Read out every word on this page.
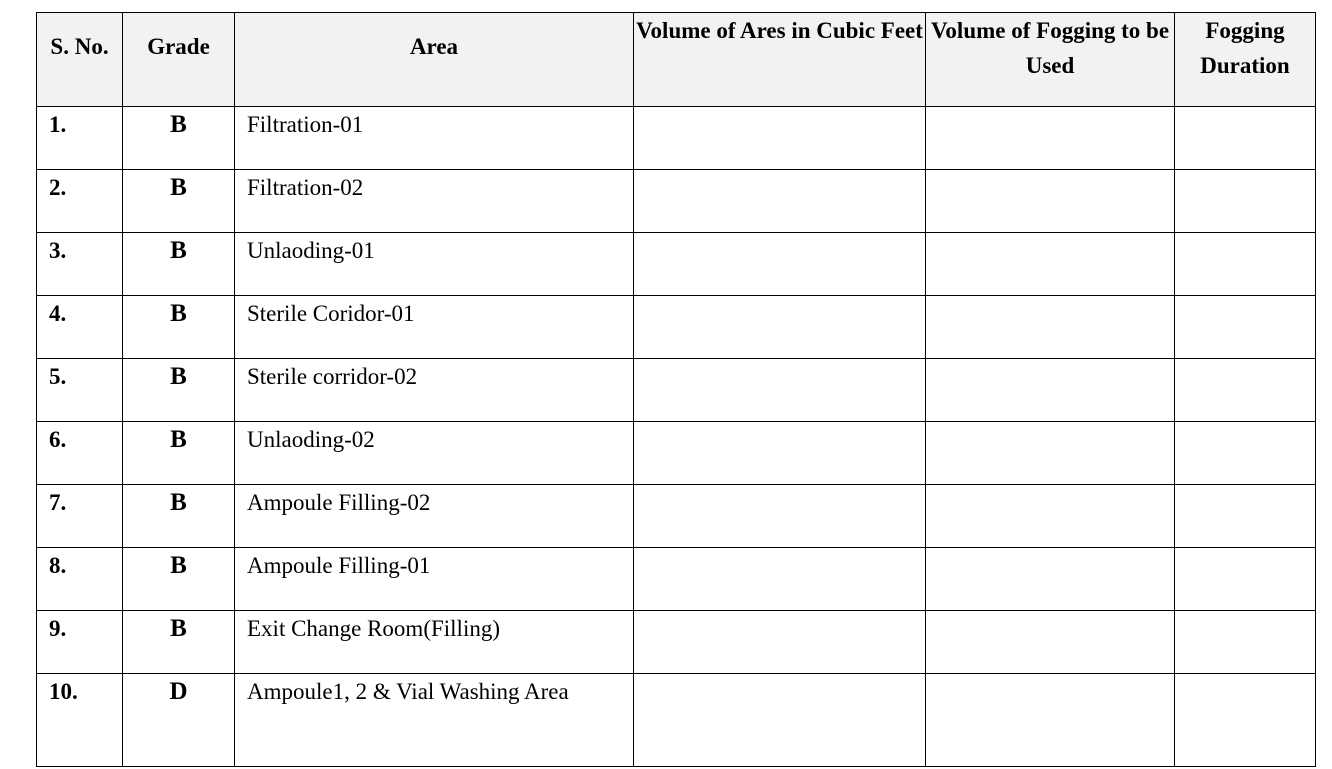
S. No.	Grade	Area	Volume of Ares in Cubic Feet	Volume of Fogging to be Used	Fogging Duration
1.	B	Filtration-01			
2.	B	Filtration-02			
3.	B	Unlaoding-01			
4.	B	Sterile Coridor-01			
5.	B	Sterile corridor-02			
6.	B	Unlaoding-02			
7.	B	Ampoule Filling-02			
8.	B	Ampoule Filling-01			
9.	B	Exit Change Room(Filling)			
10.	D	Ampoule1, 2 & Vial Washing Area			
